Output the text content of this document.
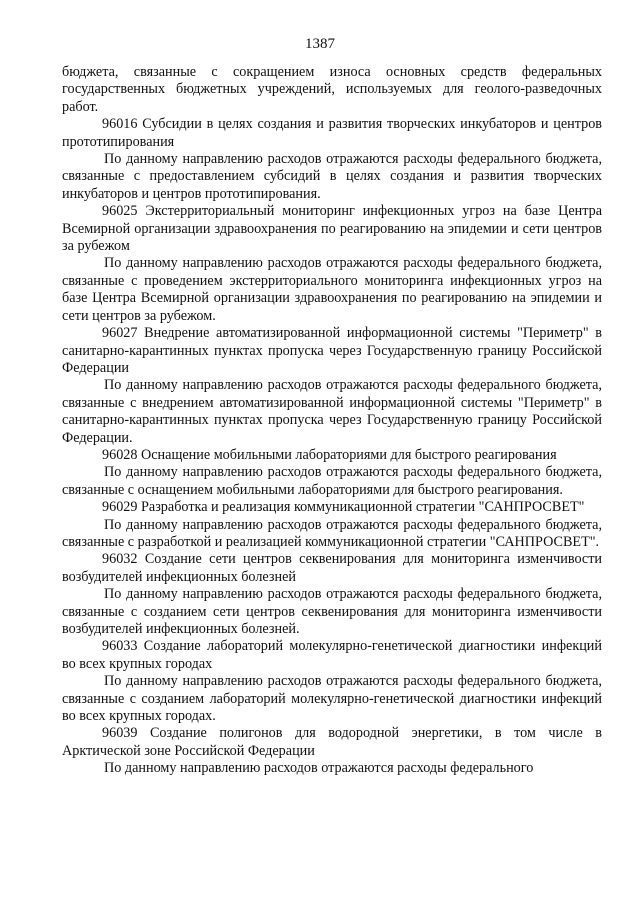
1387

бюджета, связанные с сокращением износа основных средств федеральных государственных бюджетных учреждений, используемых для геолого-разведочных работ.

96016 Субсидии в целях создания и развития творческих инкубаторов и центров прототипирования

По данному направлению расходов отражаются расходы федерального бюджета, связанные с предоставлением субсидий в целях создания и развития творческих инкубаторов и центров прототипирования.

96025 Экстерриториальный мониторинг инфекционных угроз на базе Центра Всемирной организации здравоохранения по реагированию на эпидемии и сети центров за рубежом

По данному направлению расходов отражаются расходы федерального бюджета, связанные с проведением экстерриториального мониторинга инфекционных угроз на базе Центра Всемирной организации здравоохранения по реагированию на эпидемии и сети центров за рубежом.

96027 Внедрение автоматизированной информационной системы "Периметр" в санитарно-карантинных пунктах пропуска через Государственную границу Российской Федерации

По данному направлению расходов отражаются расходы федерального бюджета, связанные с внедрением автоматизированной информационной системы "Периметр" в санитарно-карантинных пунктах пропуска через Государственную границу Российской Федерации.

96028 Оснащение мобильными лабораториями для быстрого реагирования

По данному направлению расходов отражаются расходы федерального бюджета, связанные с оснащением мобильными лабораториями для быстрого реагирования.

96029 Разработка и реализация коммуникационной стратегии "САНПРОСВЕТ"

По данному направлению расходов отражаются расходы федерального бюджета, связанные с разработкой и реализацией коммуникационной стратегии "САНПРОСВЕТ".

96032 Создание сети центров секвенирования для мониторинга изменчивости возбудителей инфекционных болезней

По данному направлению расходов отражаются расходы федерального бюджета, связанные с созданием сети центров секвенирования для мониторинга изменчивости возбудителей инфекционных болезней.

96033 Создание лабораторий молекулярно-генетической диагностики инфекций во всех крупных городах

По данному направлению расходов отражаются расходы федерального бюджета, связанные с созданием лабораторий молекулярно-генетической диагностики инфекций во всех крупных городах.

96039 Создание полигонов для водородной энергетики, в том числе в Арктической зоне Российской Федерации

По данному направлению расходов отражаются расходы федерального
